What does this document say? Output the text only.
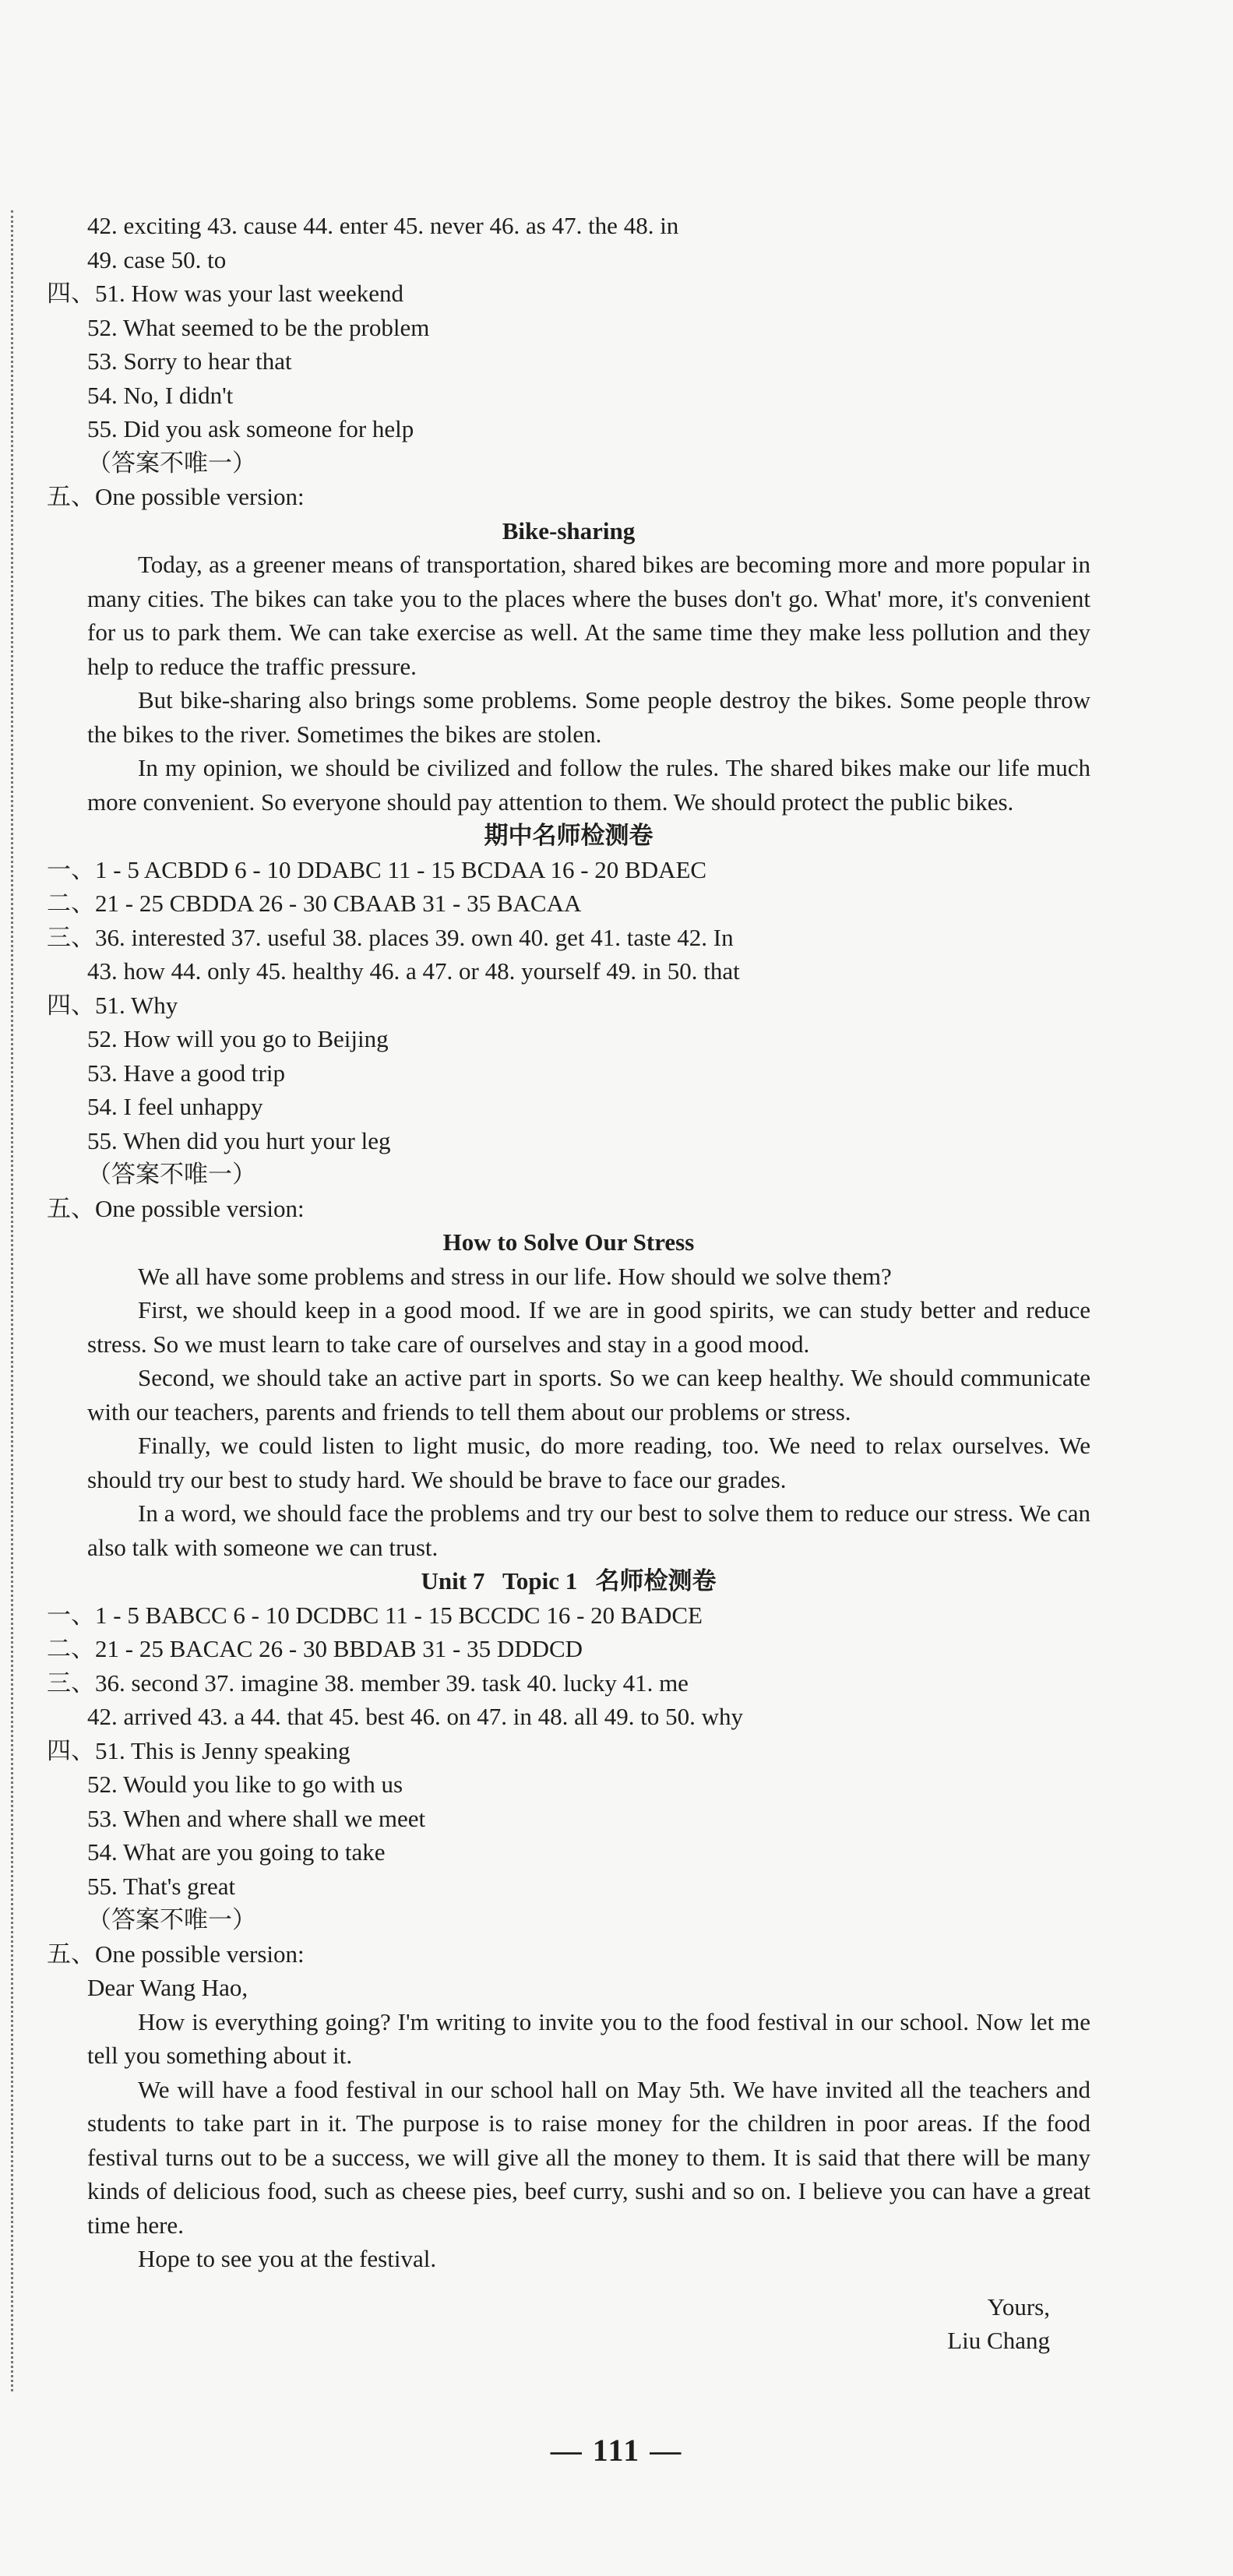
42. exciting 43. cause 44. enter 45. never 46. as 47. the 48. in
49. case 50. to
四、51. How was your last weekend
52. What seemed to be the problem
53. Sorry to hear that
54. No, I didn't
55. Did you ask someone for help
（答案不唯一）
五、One possible version:
Bike-sharing
Today, as a greener means of transportation, shared bikes are becoming more and more popular in many cities. The bikes can take you to the places where the buses don't go. What' more, it's convenient for us to park them. We can take exercise as well. At the same time they make less pollution and they help to reduce the traffic pressure.
But bike-sharing also brings some problems. Some people destroy the bikes. Some people throw the bikes to the river. Sometimes the bikes are stolen.
In my opinion, we should be civilized and follow the rules. The shared bikes make our life much more convenient. So everyone should pay attention to them. We should protect the public bikes.
期中名师检测卷
一、1 - 5 ACBDD 6 - 10 DDABC 11 - 15 BCDAA 16 - 20 BDAEC
二、21 - 25 CBDDA 26 - 30 CBAAB 31 - 35 BACAA
三、36. interested 37. useful 38. places 39. own 40. get 41. taste 42. In
43. how 44. only 45. healthy 46. a 47. or 48. yourself 49. in 50. that
四、51. Why
52. How will you go to Beijing
53. Have a good trip
54. I feel unhappy
55. When did you hurt your leg
（答案不唯一）
五、One possible version:
How to Solve Our Stress
We all have some problems and stress in our life. How should we solve them?
First, we should keep in a good mood. If we are in good spirits, we can study better and reduce stress. So we must learn to take care of ourselves and stay in a good mood.
Second, we should take an active part in sports. So we can keep healthy. We should communicate with our teachers, parents and friends to tell them about our problems or stress.
Finally, we could listen to light music, do more reading, too. We need to relax ourselves. We should try our best to study hard. We should be brave to face our grades.
In a word, we should face the problems and try our best to solve them to reduce our stress. We can also talk with someone we can trust.
Unit 7   Topic 1   名师检测卷
一、1 - 5 BABCC 6 - 10 DCDBC 11 - 15 BCCDC 16 - 20 BADCE
二、21 - 25 BACAC 26 - 30 BBDAB 31 - 35 DDDCD
三、36. second 37. imagine 38. member 39. task 40. lucky 41. me
42. arrived 43. a 44. that 45. best 46. on 47. in 48. all 49. to 50. why
四、51. This is Jenny speaking
52. Would you like to go with us
53. When and where shall we meet
54. What are you going to take
55. That's great
（答案不唯一）
五、One possible version:
Dear Wang Hao,
How is everything going? I'm writing to invite you to the food festival in our school. Now let me tell you something about it.
We will have a food festival in our school hall on May 5th. We have invited all the teachers and students to take part in it. The purpose is to raise money for the children in poor areas. If the food festival turns out to be a success, we will give all the money to them. It is said that there will be many kinds of delicious food, such as cheese pies, beef curry, sushi and so on. I believe you can have a great time here.
Hope to see you at the festival.
Yours,
Liu Chang
— 111 —
